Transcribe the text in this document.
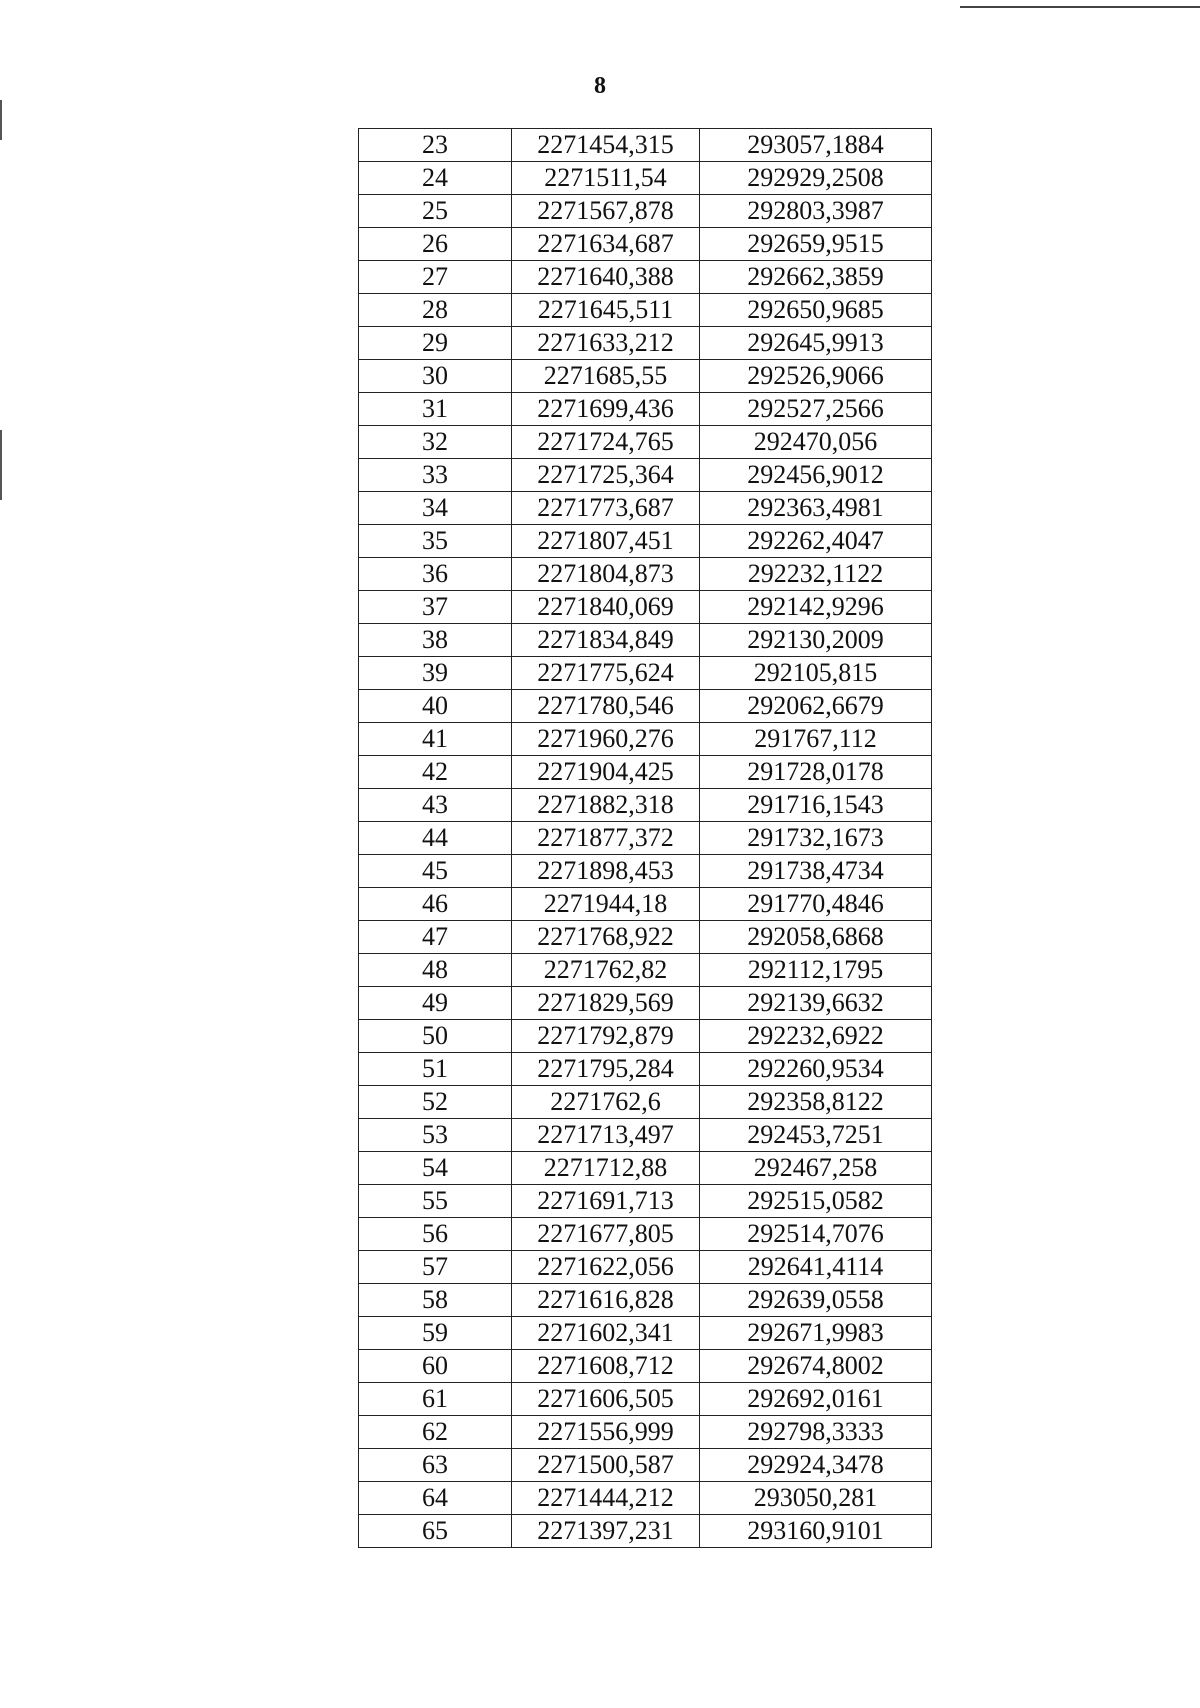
8
23	2271454,315	293057,1884
24	2271511,54	292929,2508
25	2271567,878	292803,3987
26	2271634,687	292659,9515
27	2271640,388	292662,3859
28	2271645,511	292650,9685
29	2271633,212	292645,9913
30	2271685,55	292526,9066
31	2271699,436	292527,2566
32	2271724,765	292470,056
33	2271725,364	292456,9012
34	2271773,687	292363,4981
35	2271807,451	292262,4047
36	2271804,873	292232,1122
37	2271840,069	292142,9296
38	2271834,849	292130,2009
39	2271775,624	292105,815
40	2271780,546	292062,6679
41	2271960,276	291767,112
42	2271904,425	291728,0178
43	2271882,318	291716,1543
44	2271877,372	291732,1673
45	2271898,453	291738,4734
46	2271944,18	291770,4846
47	2271768,922	292058,6868
48	2271762,82	292112,1795
49	2271829,569	292139,6632
50	2271792,879	292232,6922
51	2271795,284	292260,9534
52	2271762,6	292358,8122
53	2271713,497	292453,7251
54	2271712,88	292467,258
55	2271691,713	292515,0582
56	2271677,805	292514,7076
57	2271622,056	292641,4114
58	2271616,828	292639,0558
59	2271602,341	292671,9983
60	2271608,712	292674,8002
61	2271606,505	292692,0161
62	2271556,999	292798,3333
63	2271500,587	292924,3478
64	2271444,212	293050,281
65	2271397,231	293160,9101
